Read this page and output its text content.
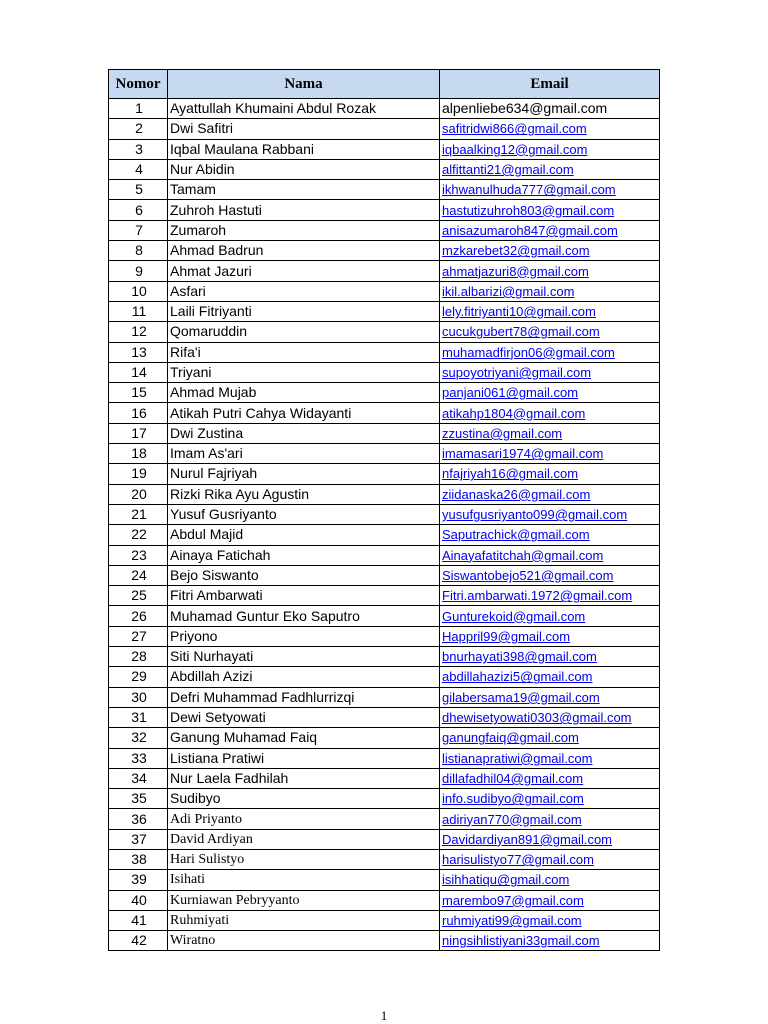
Nomor	Nama	Email
1	Ayattullah Khumaini Abdul Rozak	alpenliebe634@gmail.com
2	Dwi Safitri	safitridwi866@gmail.com
3	Iqbal Maulana Rabbani	iqbaalking12@gmail.com
4	Nur Abidin	alfittanti21@gmail.com
5	Tamam	ikhwanulhuda777@gmail.com
6	Zuhroh Hastuti	hastutizuhroh803@gmail.com
7	Zumaroh	anisazumaroh847@gmail.com
8	Ahmad Badrun	mzkarebet32@gmail.com
9	Ahmat Jazuri	ahmatjazuri8@gmail.com
10	Asfari	ikil.albarizi@gmail.com
11	Laili Fitriyanti	lely.fitriyanti10@gmail.com
12	Qomaruddin	cucukgubert78@gmail.com
13	Rifa'i	muhamadfirjon06@gmail.com
14	Triyani	supoyotriyani@gmail.com
15	Ahmad Mujab	panjani061@gmail.com
16	Atikah Putri Cahya Widayanti	atikahp1804@gmail.com
17	Dwi Zustina	zzustina@gmail.com
18	Imam As'ari	imamasari1974@gmail.com
19	Nurul Fajriyah	nfajriyah16@gmail.com
20	Rizki Rika Ayu Agustin	ziidanaska26@gmail.com
21	Yusuf Gusriyanto	yusufgusriyanto099@gmail.com
22	Abdul Majid	Saputrachick@gmail.com
23	Ainaya Fatichah	Ainayafatitchah@gmail.com
24	Bejo Siswanto	Siswantobejo521@gmail.com
25	Fitri Ambarwati	Fitri.ambarwati.1972@gmail.com
26	Muhamad Guntur Eko Saputro	Gunturekoid@gmail.com
27	Priyono	Happril99@gmail.com
28	Siti Nurhayati	bnurhayati398@gmail.com
29	Abdillah Azizi	abdillahazizi5@gmail.com
30	Defri Muhammad Fadhlurrizqi	gilabersama19@gmail.com
31	Dewi Setyowati	dhewisetyowati0303@gmail.com
32	Ganung Muhamad Faiq	ganungfaiq@gmail.com
33	Listiana Pratiwi	listianapratiwi@gmail.com
34	Nur Laela Fadhilah	dillafadhil04@gmail.com
35	Sudibyo	info.sudibyo@gmail.com
36	Adi Priyanto	adiriyan770@gmail.com
37	David Ardiyan	Davidardiyan891@gmail.com
38	Hari Sulistyo	harisulistyo77@gmail.com
39	Isihati	isihhatiqu@gmail.com
40	Kurniawan Pebryyanto	marembo97@gmail.com
41	Ruhmiyati	ruhmiyati99@gmail.com
42	Wiratno	ningsihlistiyani33gmail.com
1
